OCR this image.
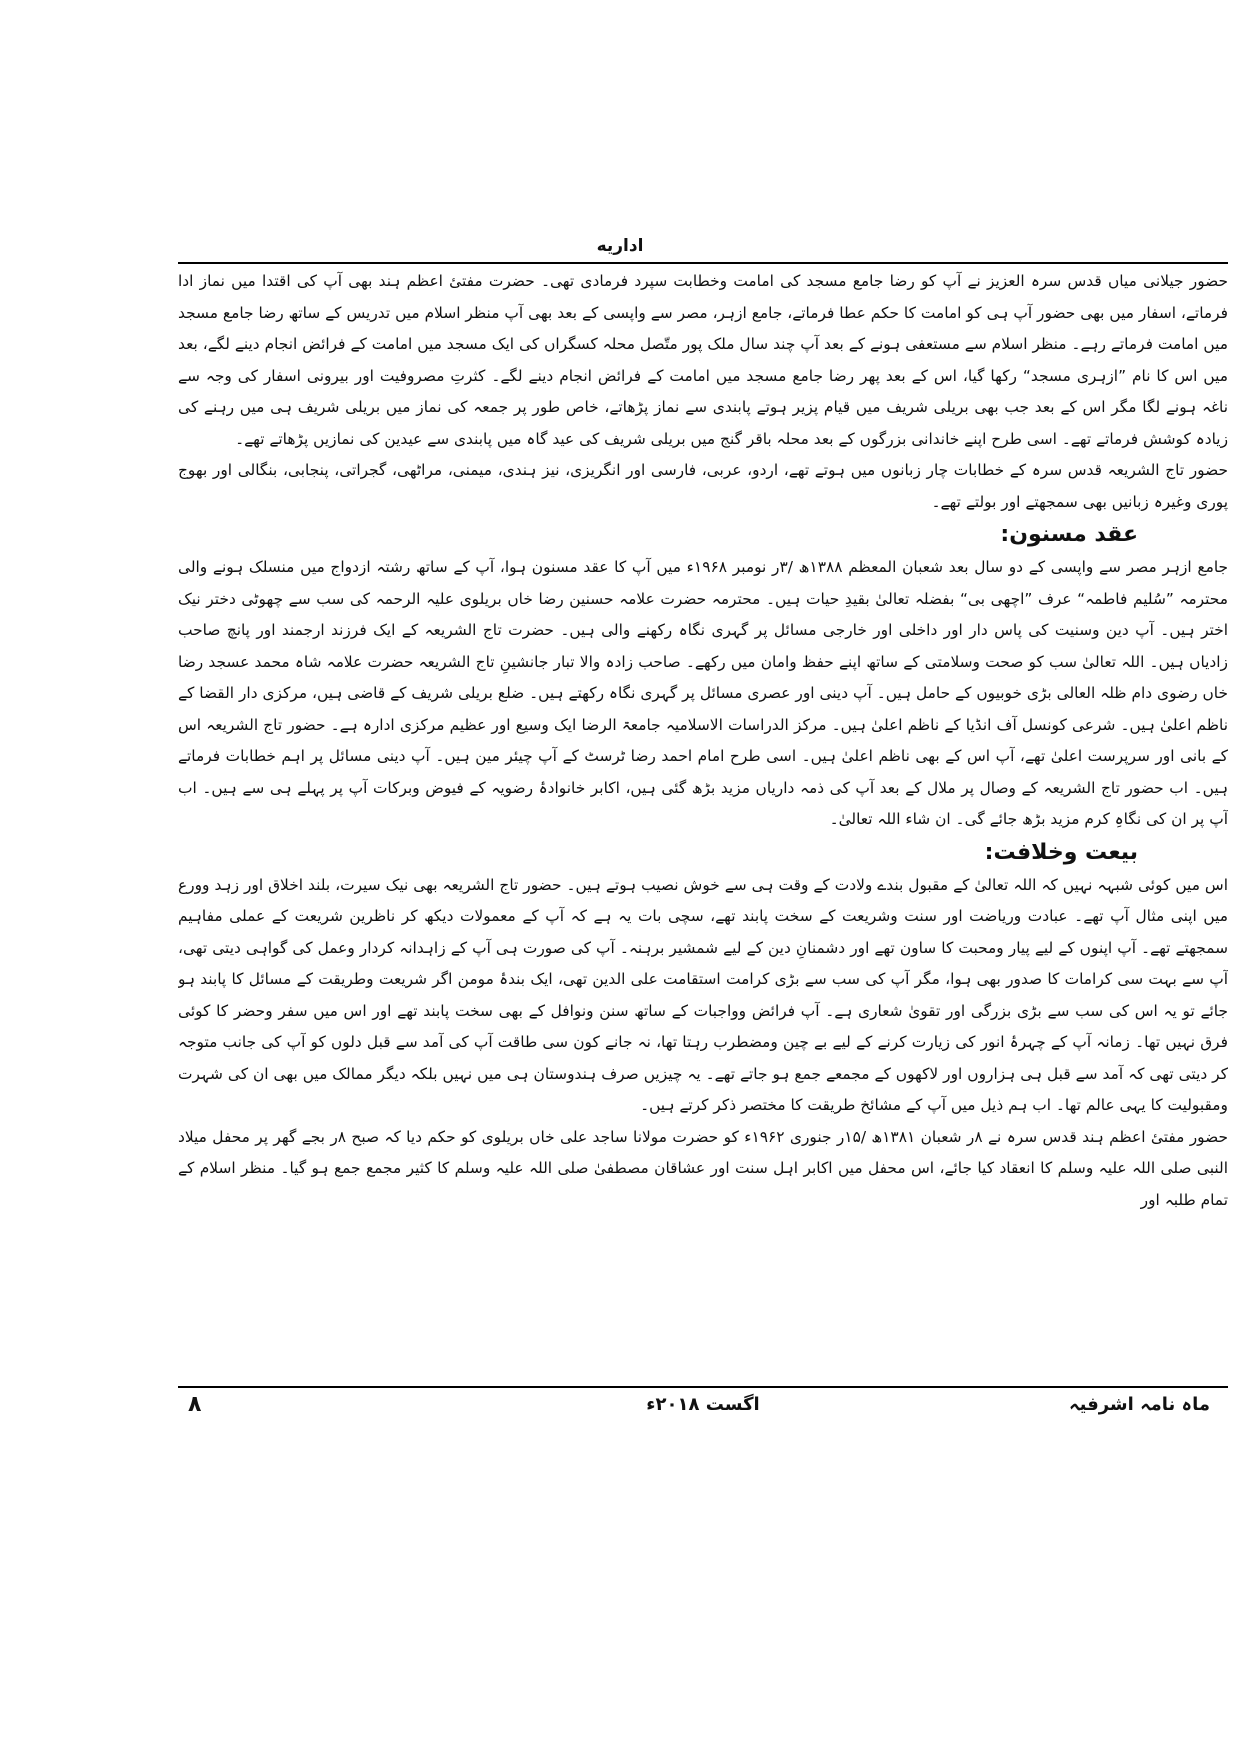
اداریه

حضور جیلانی میاں قدس سرہ العزیز نے آپ کو رضا جامع مسجد کی امامت وخطابت سپرد فرمادی تھی۔ حضرت مفتیٔ اعظم ہند بھی آپ کی اقتدا میں نماز ادا فرماتے، اسفار میں بھی حضور آپ ہی کو امامت کا حکم عطا فرماتے، جامع ازہر، مصر سے واپسی کے بعد بھی آپ منظر اسلام میں تدریس کے ساتھ رضا جامع مسجد میں امامت فرماتے رہے۔ منظر اسلام سے مستعفی ہونے کے بعد آپ چند سال ملک پور متّصل محلہ کسگراں کی ایک مسجد میں امامت کے فرائض انجام دینے لگے، بعد میں اس کا نام ”ازہری مسجد“ رکھا گیا، اس کے بعد پھر رضا جامع مسجد میں امامت کے فرائض انجام دینے لگے۔ کثرتِ مصروفیت اور بیرونی اسفار کی وجہ سے ناغہ ہونے لگا مگر اس کے بعد جب بھی بریلی شریف میں قیام پزیر ہوتے پابندی سے نماز پڑھاتے، خاص طور پر جمعہ کی نماز میں بریلی شریف ہی میں رہنے کی زیادہ کوشش فرماتے تھے۔ اسی طرح اپنے خاندانی بزرگوں کے بعد محلہ باقر گنج میں بریلی شریف کی عید گاہ میں پابندی سے عیدین کی نمازیں پڑھاتے تھے۔

حضور تاج الشریعہ قدس سرہ کے خطابات چار زبانوں میں ہوتے تھے، اردو، عربی، فارسی اور انگریزی، نیز ہندی، میمنی، مراٹھی، گجراتی، پنجابی، بنگالی اور بھوج پوری وغیرہ زبانیں بھی سمجھتے اور بولتے تھے۔

عقد مسنون:

جامع ازہر مصر سے واپسی کے دو سال بعد شعبان المعظم ۱۳۸۸ھ /۳ر نومبر ۱۹۶۸ء میں آپ کا عقد مسنون ہوا، آپ کے ساتھ رشتہ ازدواج میں منسلک ہونے والی محترمہ ”سُلیم فاطمہ“ عرف ”اچھی بی“ بفضلہ تعالیٰ بقیدِ حیات ہیں۔ محترمہ حضرت علامہ حسنین رضا خاں بریلوی علیہ الرحمہ کی سب سے چھوٹی دختر نیک اختر ہیں۔ آپ دین وسنیت کی پاس دار اور داخلی اور خارجی مسائل پر گہری نگاہ رکھنے والی ہیں۔ حضرت تاج الشریعہ کے ایک فرزند ارجمند اور پانچ صاحب زادیاں ہیں۔ اللہ تعالیٰ سب کو صحت وسلامتی کے ساتھ اپنے حفظ وامان میں رکھے۔ صاحب زادہ والا تبار جانشینِ تاج الشریعہ حضرت علامہ شاہ محمد عسجد رضا خاں رضوی دام ظلہ العالی بڑی خوبیوں کے حامل ہیں۔ آپ دینی اور عصری مسائل پر گہری نگاہ رکھتے ہیں۔ ضلع بریلی شریف کے قاضی ہیں، مرکزی دار القضا کے ناظم اعلیٰ ہیں۔ شرعی کونسل آف انڈیا کے ناظم اعلیٰ ہیں۔ مرکز الدراسات الاسلامیہ جامعۃ الرضا ایک وسیع اور عظیم مرکزی ادارہ ہے۔ حضور تاج الشریعہ اس کے بانی اور سرپرست اعلیٰ تھے، آپ اس کے بھی ناظم اعلیٰ ہیں۔ اسی طرح امام احمد رضا ٹرسٹ کے آپ چیئر مین ہیں۔ آپ دینی مسائل پر اہم خطابات فرماتے ہیں۔ اب حضور تاج الشریعہ کے وصال پر ملال کے بعد آپ کی ذمہ داریاں مزید بڑھ گئی ہیں، اکابر خانوادۂ رضویہ کے فیوض وبرکات آپ پر پہلے ہی سے ہیں۔ اب آپ پر ان کی نگاہِ کرم مزید بڑھ جائے گی۔ ان شاء اللہ تعالیٰ۔

بیعت وخلافت:

اس میں کوئی شبہہ نہیں کہ اللہ تعالیٰ کے مقبول بندے ولادت کے وقت ہی سے خوش نصیب ہوتے ہیں۔ حضور تاج الشریعہ بھی نیک سیرت، بلند اخلاق اور زہد وورع میں اپنی مثال آپ تھے۔ عبادت وریاضت اور سنت وشریعت کے سخت پابند تھے، سچی بات یہ ہے کہ آپ کے معمولات دیکھ کر ناظرین شریعت کے عملی مفاہیم سمجھتے تھے۔ آپ اپنوں کے لیے پیار ومحبت کا ساون تھے اور دشمنانِ دین کے لیے شمشیر برہنہ۔ آپ کی صورت ہی آپ کے زاہدانہ کردار وعمل کی گواہی دیتی تھی، آپ سے بہت سی کرامات کا صدور بھی ہوا، مگر آپ کی سب سے بڑی کرامت استقامت علی الدین تھی، ایک بندۂ مومن اگر شریعت وطریقت کے مسائل کا پابند ہو جائے تو یہ اس کی سب سے بڑی بزرگی اور تقویٰ شعاری ہے۔ آپ فرائض وواجبات کے ساتھ سنن ونوافل کے بھی سخت پابند تھے اور اس میں سفر وحضر کا کوئی فرق نہیں تھا۔ زمانہ آپ کے چہرۂ انور کی زیارت کرنے کے لیے بے چین ومضطرب رہتا تھا، نہ جانے کون سی طاقت آپ کی آمد سے قبل دلوں کو آپ کی جانب متوجہ کر دیتی تھی کہ آمد سے قبل ہی ہزاروں اور لاکھوں کے مجمعے جمع ہو جاتے تھے۔ یہ چیزیں صرف ہندوستان ہی میں نہیں بلکہ دیگر ممالک میں بھی ان کی شہرت ومقبولیت کا یہی عالم تھا۔ اب ہم ذیل میں آپ کے مشائخ طریقت کا مختصر ذکر کرتے ہیں۔

حضور مفتیٔ اعظم ہند قدس سرہ نے ۸ر شعبان ۱۳۸۱ھ /۱۵ر جنوری ۱۹۶۲ء کو حضرت مولانا ساجد علی خاں بریلوی کو حکم دیا کہ صبح ۸ر بجے گھر پر محفل میلاد النبی صلی اللہ علیہ وسلم کا انعقاد کیا جائے، اس محفل میں اکابر اہل سنت اور عشاقان مصطفیٰ صلی اللہ علیہ وسلم کا کثیر مجمع جمع ہو گیا۔ منظر اسلام کے تمام طلبہ اور

۸	اگست ۲۰۱۸ء	ماہ نامہ اشرفیہ
